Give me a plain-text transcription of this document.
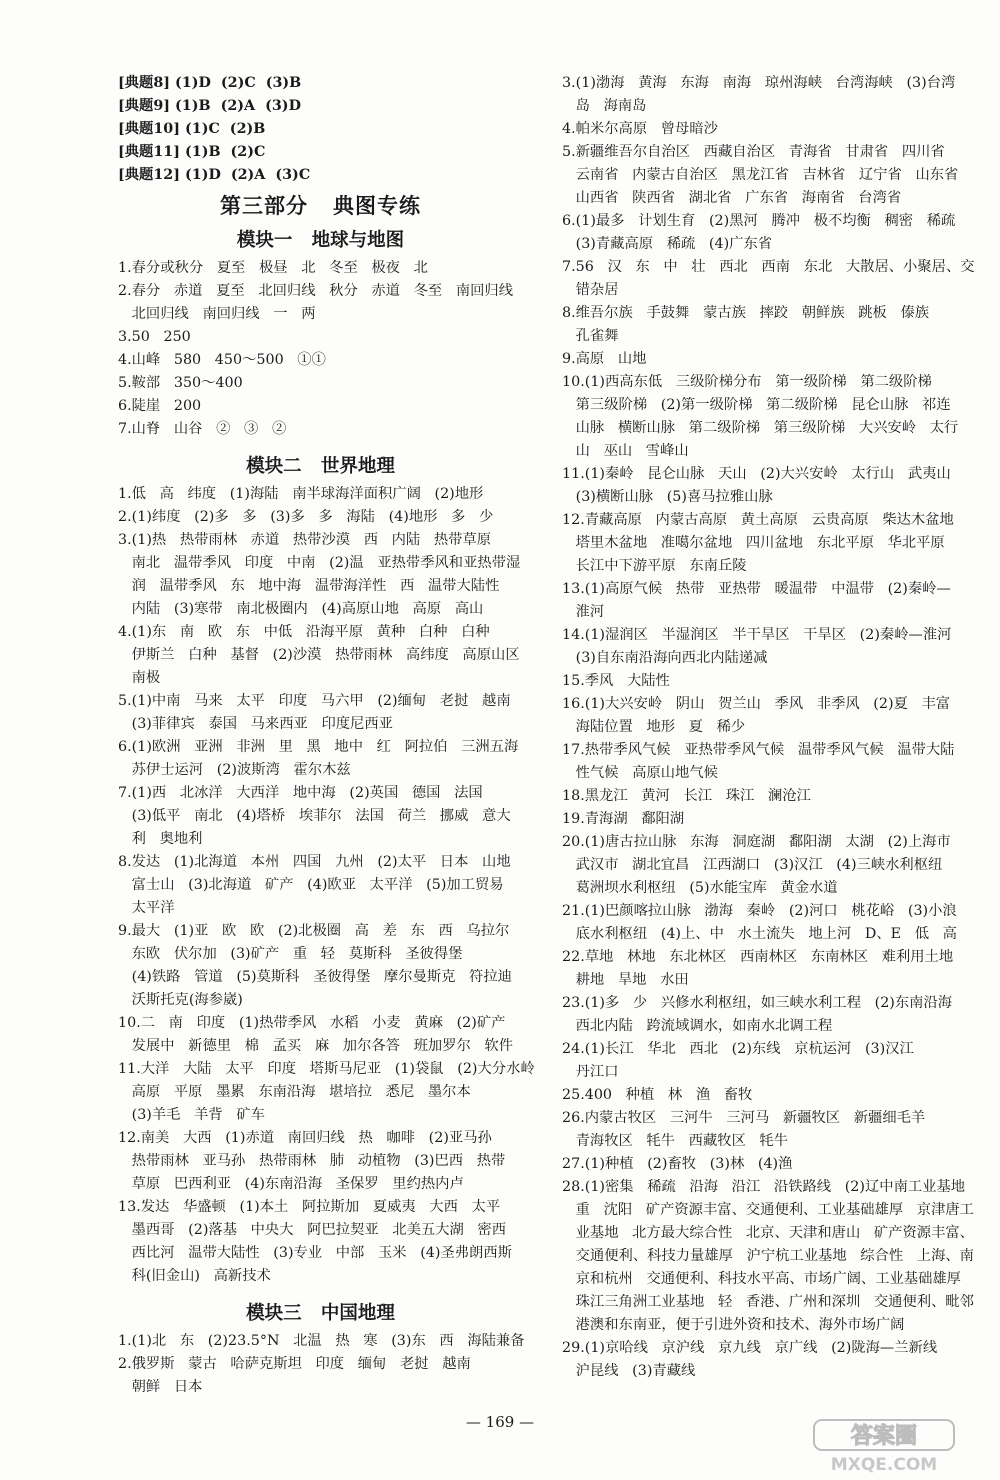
[典题8] (1)D  (2)C  (3)B
[典题9] (1)B  (2)A  (3)D
[典题10] (1)C  (2)B
[典题11] (1)B  (2)C
[典题12] (1)D  (2)A  (3)C
第三部分   典图专练
模块一   地球与地图
1.春分或秋分   夏至   极昼   北   冬至   极夜   北
2.春分   赤道   夏至   北回归线   秋分   赤道   冬至   南回归线
北回归线   南回归线   一   两
3.50   250
4.山峰   580   450～500   ①①
5.鞍部   350～400
6.陡崖   200
7.山脊   山谷   ②   ③   ②
模块二   世界地理
1.低   高   纬度   (1)海陆   南半球海洋面积广阔   (2)地形
2.(1)纬度   (2)多   多   (3)多   多   海陆   (4)地形   多   少
3.(1)热   热带雨林   赤道   热带沙漠   西   内陆   热带草原
南北   温带季风   印度   中南   (2)温   亚热带季风和亚热带湿
润   温带季风   东   地中海   温带海洋性   西   温带大陆性
内陆   (3)寒带   南北极圈内   (4)高原山地   高原   高山
4.(1)东   南   欧   东   中低   沿海平原   黄种   白种   白种
伊斯兰   白种   基督   (2)沙漠   热带雨林   高纬度   高原山区
南极
5.(1)中南   马来   太平   印度   马六甲   (2)缅甸   老挝   越南
(3)菲律宾   泰国   马来西亚   印度尼西亚
6.(1)欧洲   亚洲   非洲   里   黑   地中   红   阿拉伯   三洲五海
苏伊士运河   (2)波斯湾   霍尔木兹
7.(1)西   北冰洋   大西洋   地中海   (2)英国   德国   法国
(3)低平   南北   (4)塔桥   埃菲尔   法国   荷兰   挪威   意大
利   奥地利
8.发达   (1)北海道   本州   四国   九州   (2)太平   日本   山地
富士山   (3)北海道   矿产   (4)欧亚   太平洋   (5)加工贸易
太平洋
9.最大   (1)亚   欧   欧   (2)北极圈   高   差   东   西   乌拉尔
东欧   伏尔加   (3)矿产   重   轻   莫斯科   圣彼得堡
(4)铁路   管道   (5)莫斯科   圣彼得堡   摩尔曼斯克   符拉迪
沃斯托克(海参崴)
10.二   南   印度   (1)热带季风   水稻   小麦   黄麻   (2)矿产
发展中   新德里   棉   孟买   麻   加尔各答   班加罗尔   软件
11.大洋   大陆   太平   印度   塔斯马尼亚   (1)袋鼠   (2)大分水岭
高原   平原   墨累   东南沿海   堪培拉   悉尼   墨尔本
(3)羊毛   羊背   矿车
12.南美   大西   (1)赤道   南回归线   热   咖啡   (2)亚马孙
热带雨林   亚马孙   热带雨林   肺   动植物   (3)巴西   热带
草原   巴西利亚   (4)东南沿海   圣保罗   里约热内卢
13.发达   华盛顿   (1)本土   阿拉斯加   夏威夷   大西   太平
墨西哥   (2)落基   中央大   阿巴拉契亚   北美五大湖   密西
西比河   温带大陆性   (3)专业   中部   玉米   (4)圣弗朗西斯
科(旧金山)   高新技术
模块三   中国地理
1.(1)北   东   (2)23.5°N   北温   热   寒   (3)东   西   海陆兼备
2.俄罗斯   蒙古   哈萨克斯坦   印度   缅甸   老挝   越南
朝鲜   日本
3.(1)渤海   黄海   东海   南海   琼州海峡   台湾海峡   (3)台湾
岛   海南岛
4.帕米尔高原   曾母暗沙
5.新疆维吾尔自治区   西藏自治区   青海省   甘肃省   四川省
云南省   内蒙古自治区   黑龙江省   吉林省   辽宁省   山东省
山西省   陕西省   湖北省   广东省   海南省   台湾省
6.(1)最多   计划生育   (2)黑河   腾冲   极不均衡   稠密   稀疏
(3)青藏高原   稀疏   (4)广东省
7.56   汉   东   中   壮   西北   西南   东北   大散居、小聚居、交
错杂居
8.维吾尔族   手鼓舞   蒙古族   摔跤   朝鲜族   跳板   傣族
孔雀舞
9.高原   山地
10.(1)西高东低   三级阶梯分布   第一级阶梯   第二级阶梯
第三级阶梯   (2)第一级阶梯   第二级阶梯   昆仑山脉   祁连
山脉   横断山脉   第二级阶梯   第三级阶梯   大兴安岭   太行
山   巫山   雪峰山
11.(1)秦岭   昆仑山脉   天山   (2)大兴安岭   太行山   武夷山
(3)横断山脉   (5)喜马拉雅山脉
12.青藏高原   内蒙古高原   黄土高原   云贵高原   柴达木盆地
塔里木盆地   准噶尔盆地   四川盆地   东北平原   华北平原
长江中下游平原   东南丘陵
13.(1)高原气候   热带   亚热带   暖温带   中温带   (2)秦岭—
淮河
14.(1)湿润区   半湿润区   半干旱区   干旱区   (2)秦岭—淮河
(3)自东南沿海向西北内陆递减
15.季风   大陆性
16.(1)大兴安岭   阴山   贺兰山   季风   非季风   (2)夏   丰富
海陆位置   地形   夏   稀少
17.热带季风气候   亚热带季风气候   温带季风气候   温带大陆
性气候   高原山地气候
18.黑龙江   黄河   长江   珠江   澜沧江
19.青海湖   鄱阳湖
20.(1)唐古拉山脉   东海   洞庭湖   鄱阳湖   太湖   (2)上海市
武汉市   湖北宜昌   江西湖口   (3)汉江   (4)三峡水利枢纽
葛洲坝水利枢纽   (5)水能宝库   黄金水道
21.(1)巴颜喀拉山脉   渤海   秦岭   (2)河口   桃花峪   (3)小浪
底水利枢纽   (4)上、中   水土流失   地上河   D、E   低   高
22.草地   林地   东北林区   西南林区   东南林区   难利用土地
耕地   旱地   水田
23.(1)多   少   兴修水利枢纽，如三峡水利工程   (2)东南沿海
西北内陆   跨流域调水，如南水北调工程
24.(1)长江   华北   西北   (2)东线   京杭运河   (3)汉江
丹江口
25.400   种植   林   渔   畜牧
26.内蒙古牧区   三河牛   三河马   新疆牧区   新疆细毛羊
青海牧区   牦牛   西藏牧区   牦牛
27.(1)种植   (2)畜牧   (3)林   (4)渔
28.(1)密集   稀疏   沿海   沿江   沿铁路线   (2)辽中南工业基地
重   沈阳   矿产资源丰富、交通便利、工业基础雄厚   京津唐工
业基地   北方最大综合性   北京、天津和唐山   矿产资源丰富、
交通便利、科技力量雄厚   沪宁杭工业基地   综合性   上海、南
京和杭州   交通便利、科技水平高、市场广阔、工业基础雄厚
珠江三角洲工业基地   轻   香港、广州和深圳   交通便利、毗邻
港澳和东南亚，便于引进外资和技术、海外市场广阔
29.(1)京哈线   京沪线   京九线   京广线   (2)陇海—兰新线
沪昆线   (3)青藏线
— 169 —
答案圈
MXQE.COM
